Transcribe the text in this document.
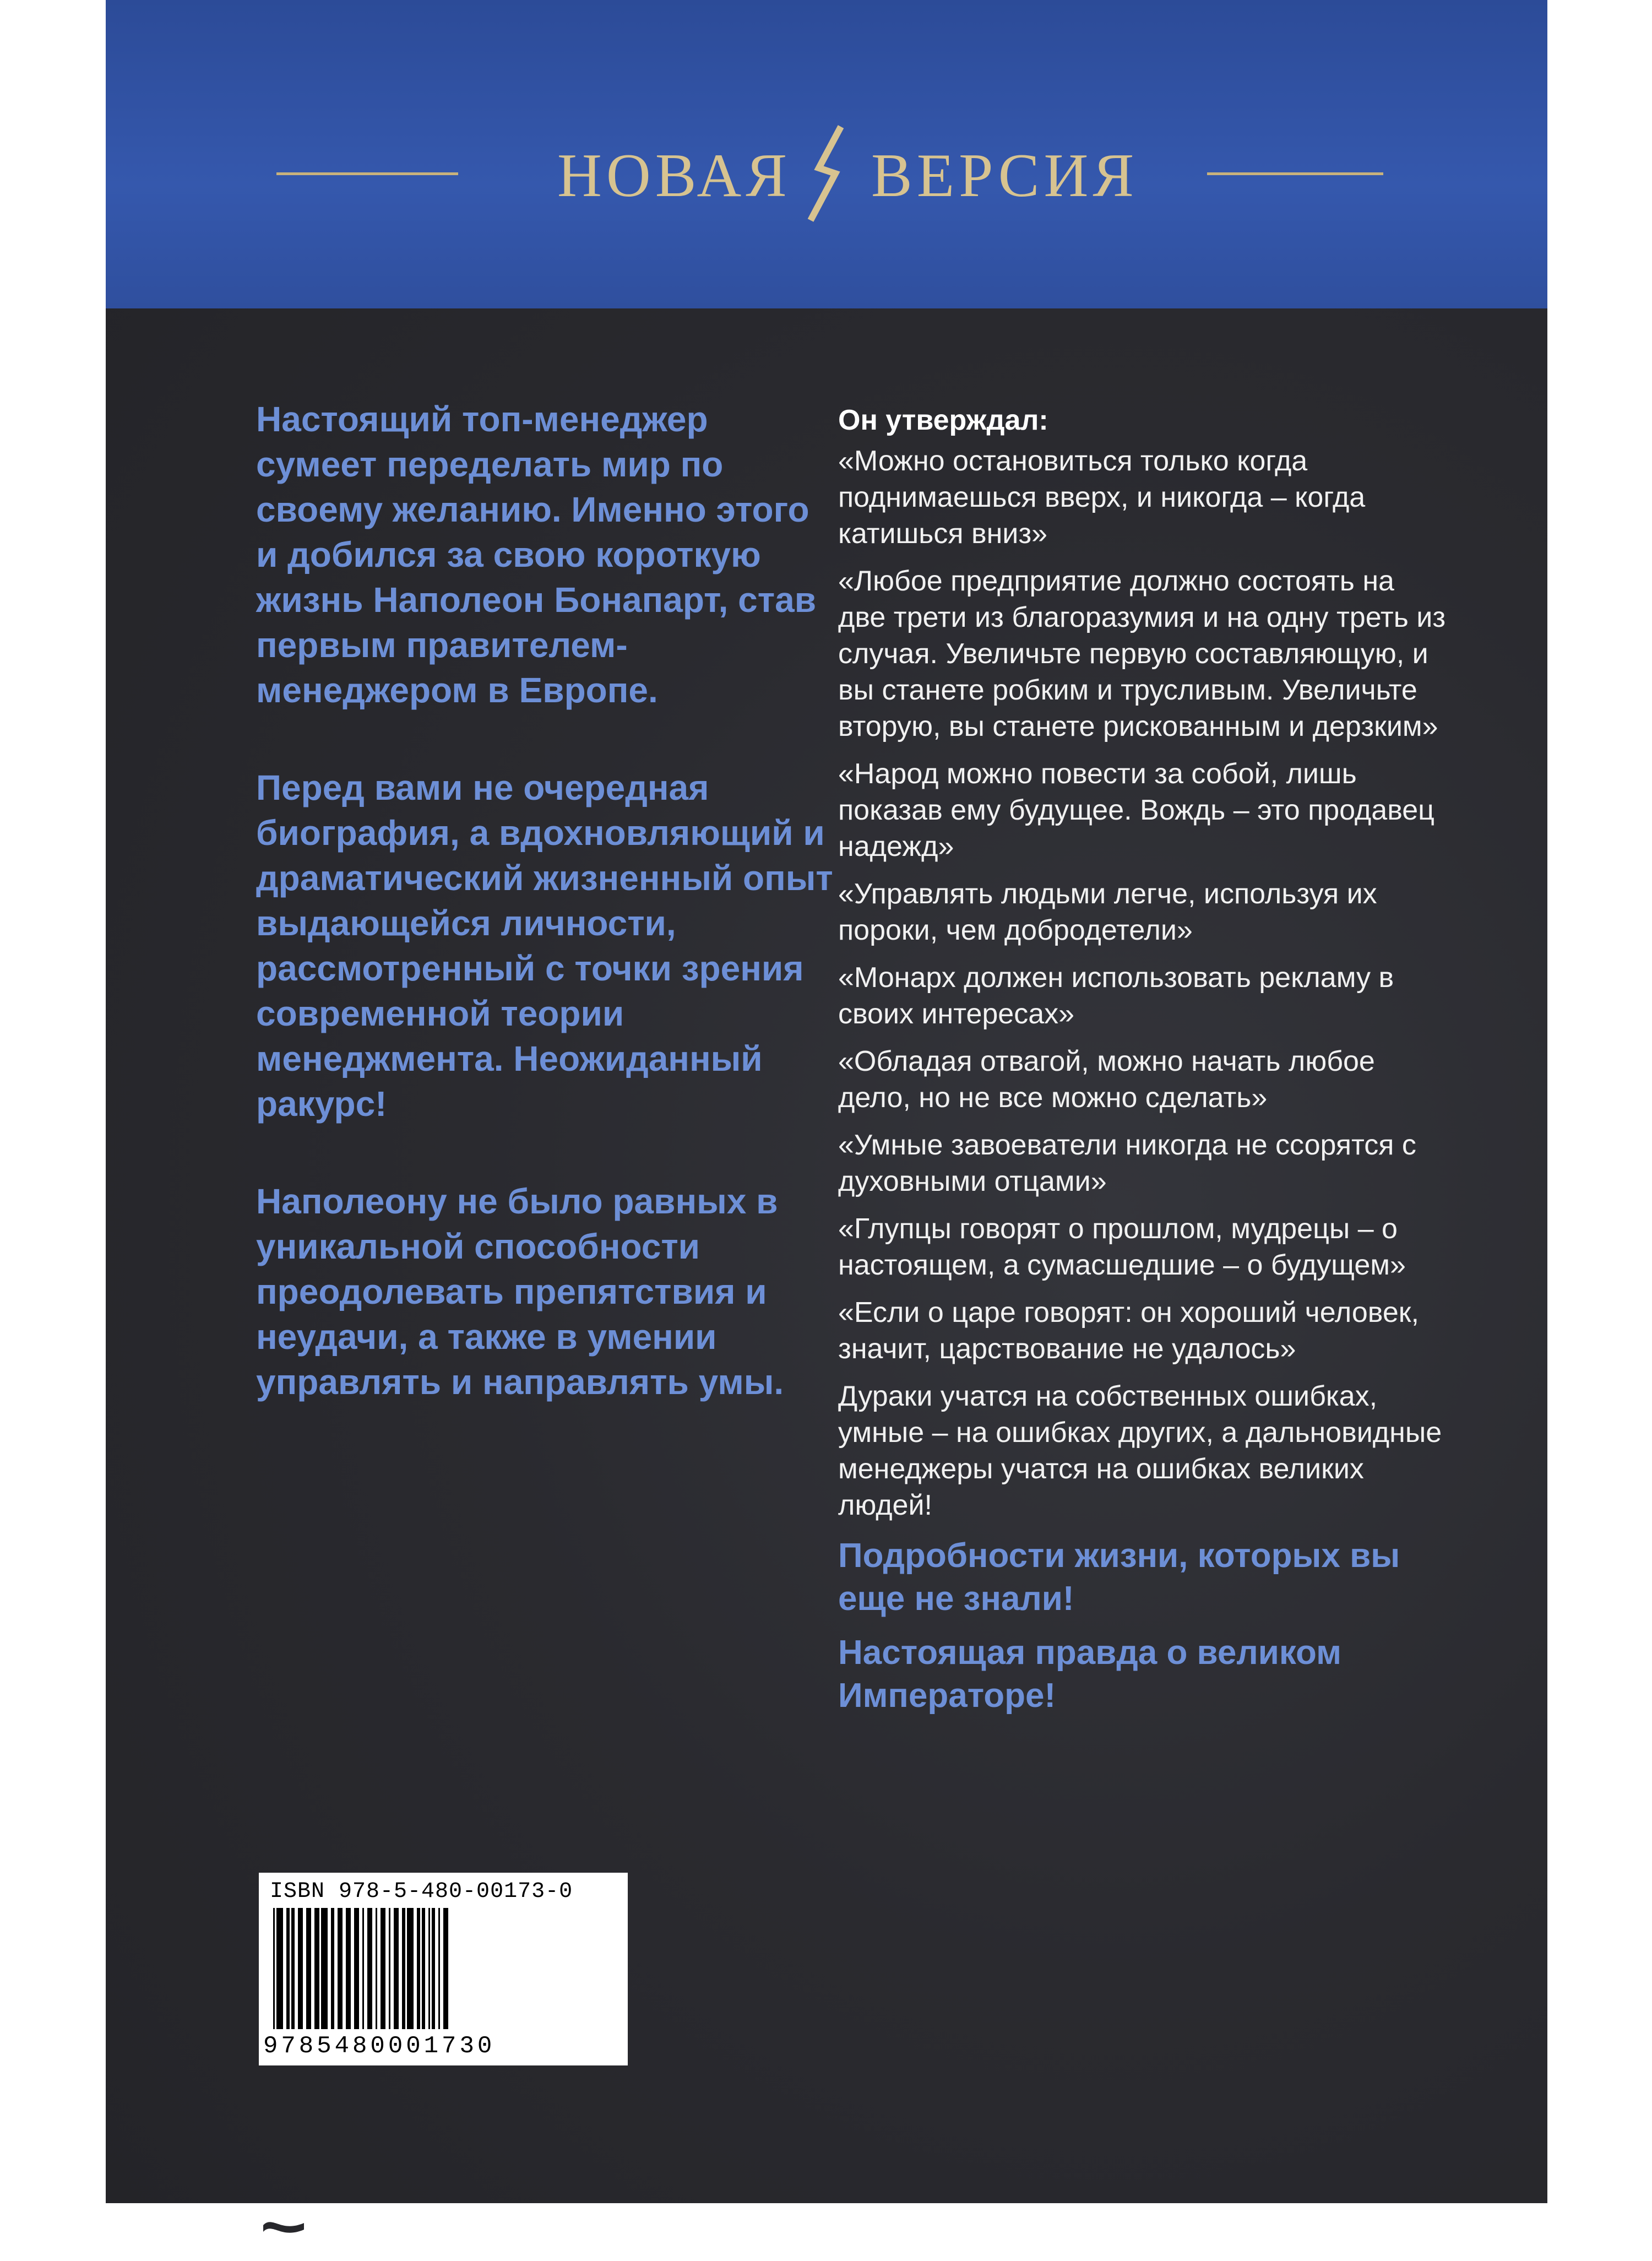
НОВАЯ ВЕРСИЯ

Настоящий топ-менеджер сумеет переделать мир по своему желанию. Именно этого и добился за свою короткую жизнь Наполеон Бонапарт, став первым правителем-менеджером в Европе.

Перед вами не очередная биография, а вдохновляющий и драматический жизненный опыт выдающейся личности, рассмотренный с точки зрения современной теории менеджмента. Неожиданный ракурс!

Наполеону не было равных в уникальной способности преодолевать препятствия и неудачи, а также в умении управлять и направлять умы.

Он утверждал:

«Можно остановиться только когда поднимаешься вверх, и никогда – когда катишься вниз»

«Любое предприятие должно состоять на две трети из благоразумия и на одну треть из случая. Увеличьте первую составляющую, и вы станете робким и трусливым. Увеличьте вторую, вы станете рискованным и дерзким»

«Народ можно повести за собой, лишь показав ему будущее. Вождь – это продавец надежд»

«Управлять людьми легче, используя их пороки, чем добродетели»

«Монарх должен использовать рекламу в своих интересах»

«Обладая отвагой, можно начать любое дело, но не все можно сделать»

«Умные завоеватели никогда не ссорятся с духовными отцами»

«Глупцы говорят о прошлом, мудрецы – о настоящем, а сумасшедшие – о будущем»

«Если о царе говорят: он хороший человек, значит, царствование не удалось»

Дураки учатся на собственных ошибках, умные – на ошибках других, а дальновидные менеджеры учатся на ошибках великих людей!

Подробности жизни, которых вы еще не знали!

Настоящая правда о великом Императоре!

ЭТЕРНА
ISBN 978-5-480-00173-0
9785480001730
